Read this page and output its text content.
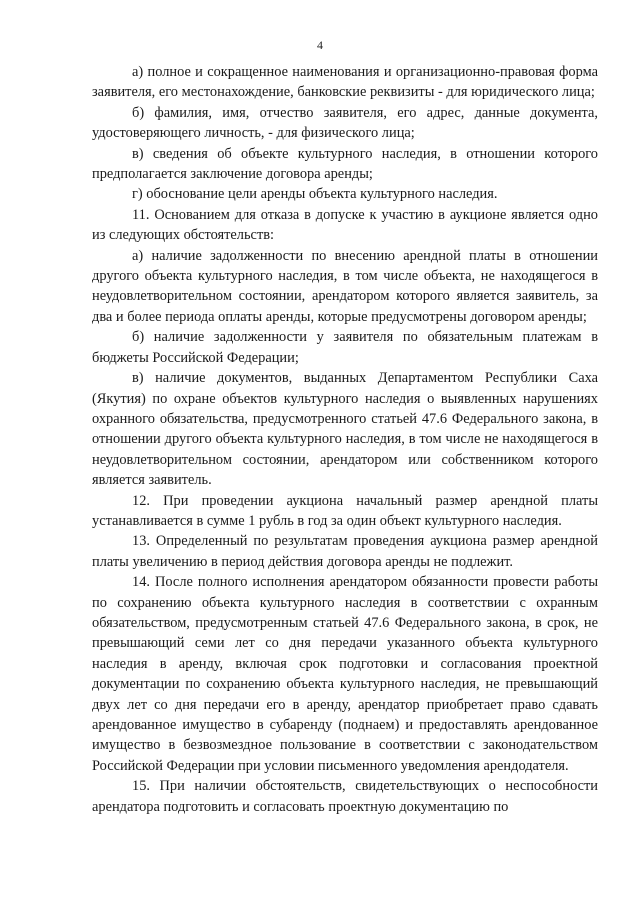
4

а) полное и сокращенное наименования и организационно-правовая форма заявителя, его местонахождение, банковские реквизиты - для юридического лица;

б) фамилия, имя, отчество заявителя, его адрес, данные документа, удостоверяющего личность, - для физического лица;

в) сведения об объекте культурного наследия, в отношении которого предполагается заключение договора аренды;

г) обоснование цели аренды объекта культурного наследия.

11. Основанием для отказа в допуске к участию в аукционе является одно из следующих обстоятельств:

а) наличие задолженности по внесению арендной платы в отношении другого объекта культурного наследия, в том числе объекта, не находящегося в неудовлетворительном состоянии, арендатором которого является заявитель, за два и более периода оплаты аренды, которые предусмотрены договором аренды;

б) наличие задолженности у заявителя по обязательным платежам в бюджеты Российской Федерации;

в) наличие документов, выданных Департаментом Республики Саха (Якутия) по охране объектов культурного наследия о выявленных нарушениях охранного обязательства, предусмотренного статьей 47.6 Федерального закона, в отношении другого объекта культурного наследия, в том числе не находящегося в неудовлетворительном состоянии, арендатором или собственником которого является заявитель.

12. При проведении аукциона начальный размер арендной платы устанавливается в сумме 1 рубль в год за один объект культурного наследия.

13. Определенный по результатам проведения аукциона размер арендной платы увеличению в период действия договора аренды не подлежит.

14. После полного исполнения арендатором обязанности провести работы по сохранению объекта культурного наследия в соответствии с охранным обязательством, предусмотренным статьей 47.6 Федерального закона, в срок, не превышающий семи лет со дня передачи указанного объекта культурного наследия в аренду, включая срок подготовки и согласования проектной документации по сохранению объекта культурного наследия, не превышающий двух лет со дня передачи его в аренду, арендатор приобретает право сдавать арендованное имущество в субаренду (поднаем) и предоставлять арендованное имущество в безвозмездное пользование в соответствии с законодательством Российской Федерации при условии письменного уведомления арендодателя.

15. При наличии обстоятельств, свидетельствующих о неспособности арендатора подготовить и согласовать проектную документацию по
